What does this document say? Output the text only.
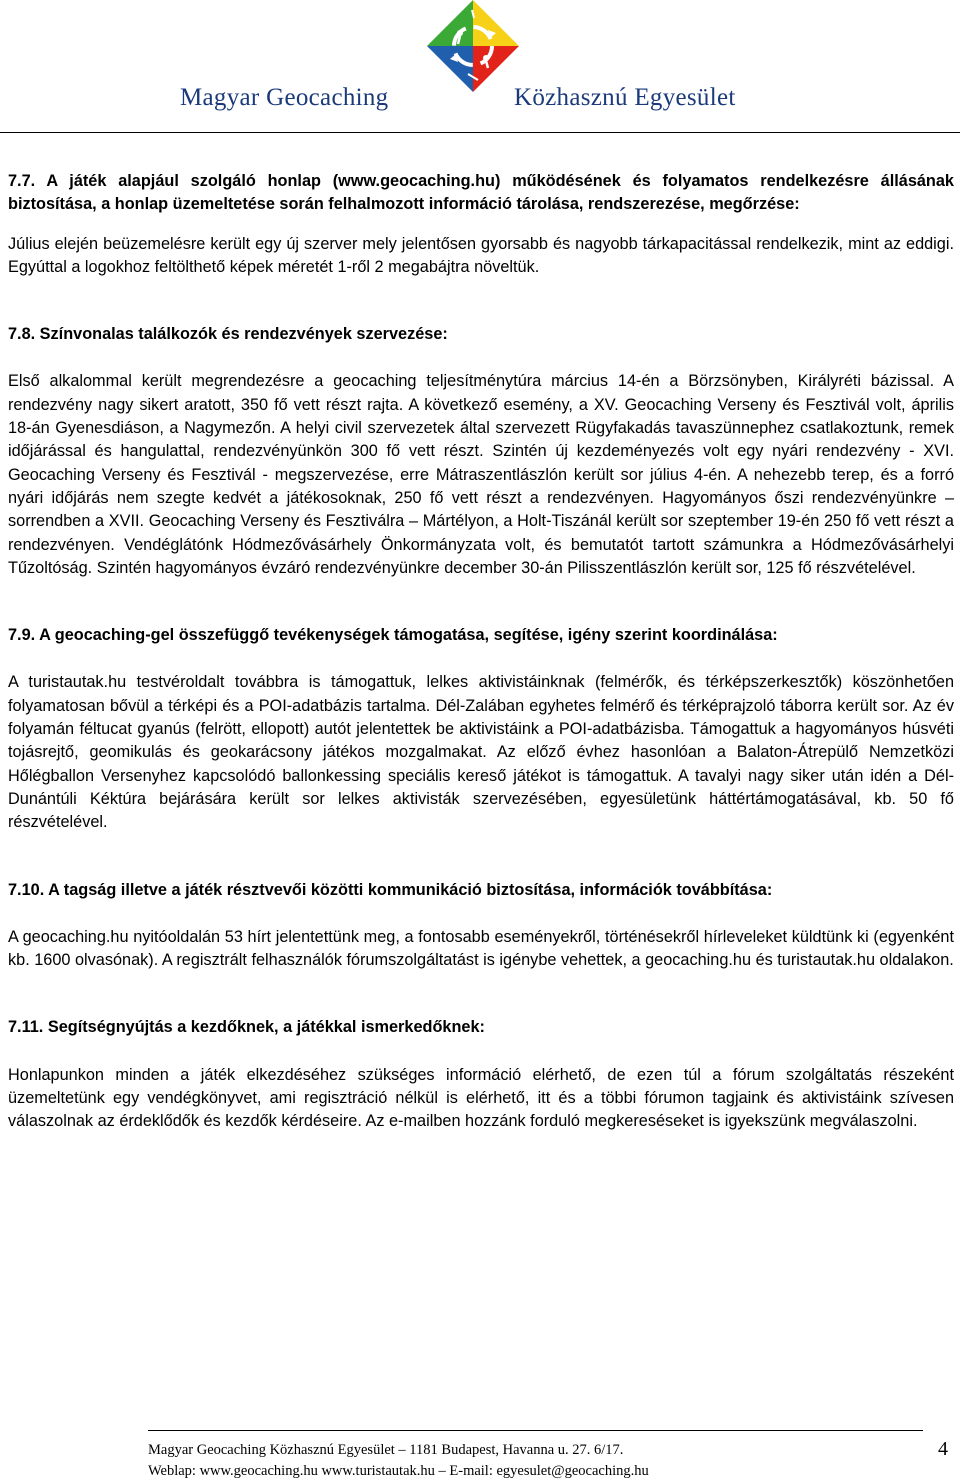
Magyar Geocaching	Közhasznú Egyesület

7.7. A játék alapjául szolgáló honlap (www.geocaching.hu) működésének és folyamatos rendelkezésre állásának biztosítása, a honlap üzemeltetése során felhalmozott információ tárolása, rendszerezése, megőrzése:

Július elején beüzemelésre került egy új szerver mely jelentősen gyorsabb és nagyobb tárkapacitással rendelkezik, mint az eddigi. Egyúttal a logokhoz feltölthető képek méretét 1-ről 2 megabájtra növeltük.

7.8. Színvonalas találkozók és rendezvények szervezése:

Első alkalommal került megrendezésre a geocaching teljesítménytúra március 14-én a Börzsönyben, Királyréti bázissal. A rendezvény nagy sikert aratott, 350 fő vett részt rajta. A következő esemény, a XV. Geocaching Verseny és Fesztivál volt, április 18-án Gyenesdiáson, a Nagymezőn. A helyi civil szervezetek által szervezett Rügyfakadás tavaszünnephez csatlakoztunk, remek időjárással és hangulattal, rendezvényünkön 300 fő vett részt. Szintén új kezdeményezés volt egy nyári rendezvény - XVI. Geocaching Verseny és Fesztivál - megszervezése, erre Mátraszentlászlón került sor július 4-én. A nehezebb terep, és a forró nyári időjárás nem szegte kedvét a játékosoknak, 250 fő vett részt a rendezvényen. Hagyományos őszi rendezvényünkre – sorrendben a XVII. Geocaching Verseny és Fesztiválra – Mártélyon, a Holt-Tiszánál került sor szeptember 19-én 250 fő vett részt a rendezvényen. Vendéglátónk Hódmezővásárhely Önkormányzata volt, és bemutatót tartott számunkra a Hódmezővásárhelyi Tűzoltóság. Szintén hagyományos évzáró rendezvényünkre december 30-án Pilisszentlászlón került sor, 125 fő részvételével.

7.9. A geocaching-gel összefüggő tevékenységek támogatása, segítése, igény szerint koordinálása:

A turistautak.hu testvéroldalt továbbra is támogattuk, lelkes aktivistáinknak (felmérők, és térképszerkesztők) köszönhetően folyamatosan bővül a térképi és a POI-adatbázis tartalma. Dél-Zalában egyhetes felmérő és térképrajzoló táborra került sor. Az év folyamán féltucat gyanús (felrött, ellopott) autót jelentettek be aktivistáink a POI-adatbázisba. Támogattuk a hagyományos húsvéti tojásrejtő, geomikulás és geokarácsony játékos mozgalmakat. Az előző évhez hasonlóan a Balaton-Átrepülő Nemzetközi Hőlégballon Versenyhez kapcsolódó ballonkessing speciális kereső játékot is támogattuk. A tavalyi nagy siker után idén a Dél-Dunántúli Kéktúra bejárására került sor lelkes aktivisták szervezésében, egyesületünk háttértámogatásával, kb. 50 fő részvételével.

7.10. A tagság illetve a játék résztvevői közötti kommunikáció biztosítása, információk továbbítása:

A geocaching.hu nyitóoldalán 53 hírt jelentettünk meg, a fontosabb eseményekről, történésekről hírleveleket küldtünk ki (egyenként kb. 1600 olvasónak). A regisztrált felhasználók fórumszolgáltatást is igénybe vehettek, a geocaching.hu és turistautak.hu oldalakon.

7.11. Segítségnyújtás a kezdőknek, a játékkal ismerkedőknek:

Honlapunkon minden a játék elkezdéséhez szükséges információ elérhető, de ezen túl a fórum szolgáltatás részeként üzemeltetünk egy vendégkönyvet, ami regisztráció nélkül is elérhető, itt és a többi fórumon tagjaink és aktivistáink szívesen válaszolnak az érdeklődők és kezdők kérdéseire. Az e-mailben hozzánk forduló megkereséseket is igyekszünk megválaszolni.

Magyar Geocaching Közhasznú Egyesület – 1181 Budapest, Havanna u. 27. 6/17.
Weblap: www.geocaching.hu www.turistautak.hu – E-mail: egyesulet@geocaching.hu
4
